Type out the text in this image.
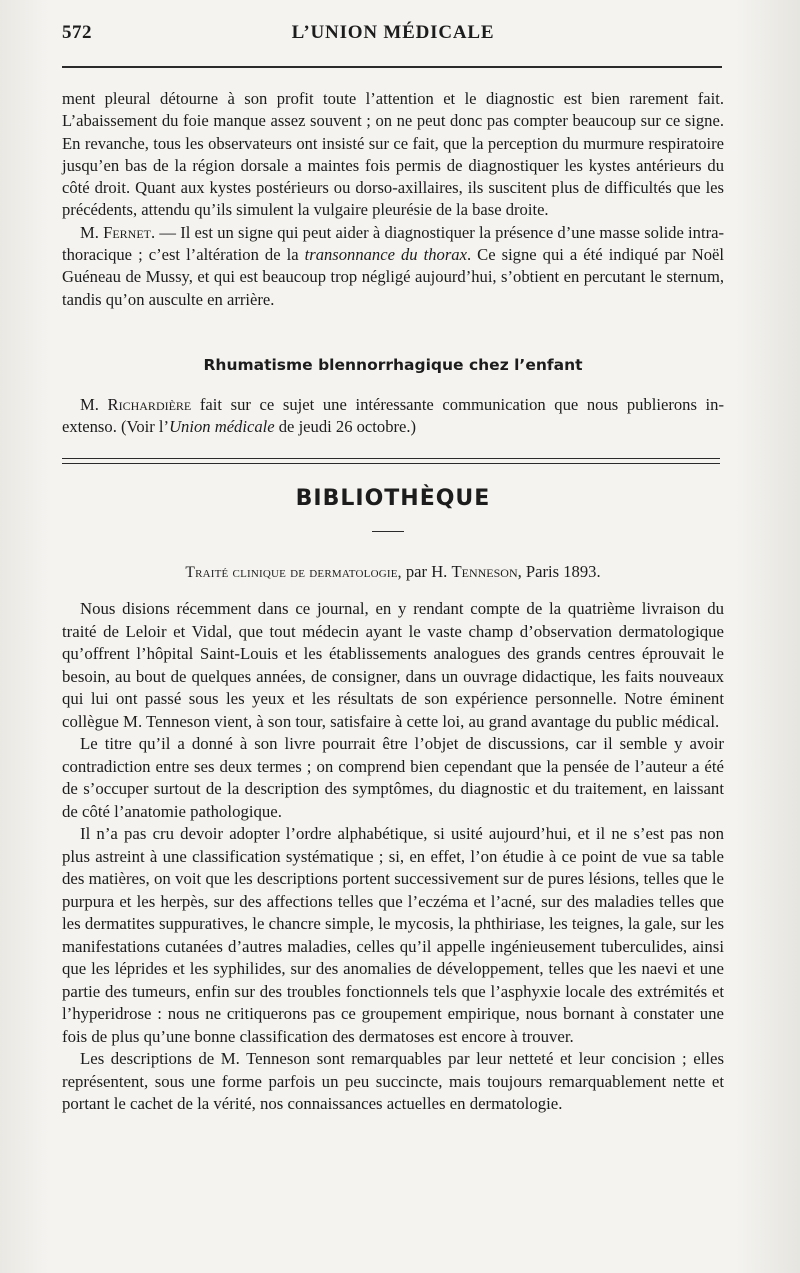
572	L’UNION MÉDICALE

ment pleural détourne à son profit toute l’attention et le diagnostic est bien rarement fait. L’abaissement du foie manque assez souvent ; on ne peut donc pas compter beaucoup sur ce signe. En revanche, tous les observateurs ont insisté sur ce fait, que la perception du murmure respiratoire jusqu’en bas de la région dorsale a maintes fois permis de diagnostiquer les kystes antérieurs du côté droit. Quant aux kystes postérieurs ou dorso-axillaires, ils suscitent plus de difficultés que les précédents, attendu qu’ils simulent la vulgaire pleurésie de la base droite.

M. Fernet. — Il est un signe qui peut aider à diagnostiquer la présence d’une masse solide intra-thoracique ; c’est l’altération de la transonnance du thorax. Ce signe qui a été indiqué par Noël Guéneau de Mussy, et qui est beaucoup trop négligé aujourd’hui, s’obtient en percutant le sternum, tandis qu’on ausculte en arrière.

Rhumatisme blennorrhagique chez l’enfant

M. Richardière fait sur ce sujet une intéressante communication que nous publierons in-extenso. (Voir l’Union médicale de jeudi 26 octobre.)

BIBLIOTHÈQUE
Traité clinique de dermatologie, par H. Tenneson, Paris 1893.

Nous disions récemment dans ce journal, en y rendant compte de la quatrième livraison du traité de Leloir et Vidal, que tout médecin ayant le vaste champ d’observation dermatologique qu’offrent l’hôpital Saint-Louis et les établissements analogues des grands centres éprouvait le besoin, au bout de quelques années, de consigner, dans un ouvrage didactique, les faits nouveaux qui lui ont passé sous les yeux et les résultats de son expérience personnelle. Notre éminent collègue M. Tenneson vient, à son tour, satisfaire à cette loi, au grand avantage du public médical.

Le titre qu’il a donné à son livre pourrait être l’objet de discussions, car il semble y avoir contradiction entre ses deux termes ; on comprend bien cependant que la pensée de l’auteur a été de s’occuper surtout de la description des symptômes, du diagnostic et du traitement, en laissant de côté l’anatomie pathologique.

Il n’a pas cru devoir adopter l’ordre alphabétique, si usité aujourd’hui, et il ne s’est pas non plus astreint à une classification systématique ; si, en effet, l’on étudie à ce point de vue sa table des matières, on voit que les descriptions portent successivement sur de pures lésions, telles que le purpura et les herpès, sur des affections telles que l’eczéma et l’acné, sur des maladies telles que les dermatites suppuratives, le chancre simple, le mycosis, la phthiriase, les teignes, la gale, sur les manifestations cutanées d’autres maladies, celles qu’il appelle ingénieusement tuberculides, ainsi que les léprides et les syphilides, sur des anomalies de développement, telles que les naevi et une partie des tumeurs, enfin sur des troubles fonctionnels tels que l’asphyxie locale des extrémités et l’hyperidrose : nous ne critiquerons pas ce groupement empirique, nous bornant à constater une fois de plus qu’une bonne classification des dermatoses est encore à trouver.

Les descriptions de M. Tenneson sont remarquables par leur netteté et leur concision ; elles représentent, sous une forme parfois un peu succincte, mais toujours remarquablement nette et portant le cachet de la vérité, nos connaissances actuelles en dermatologie.
